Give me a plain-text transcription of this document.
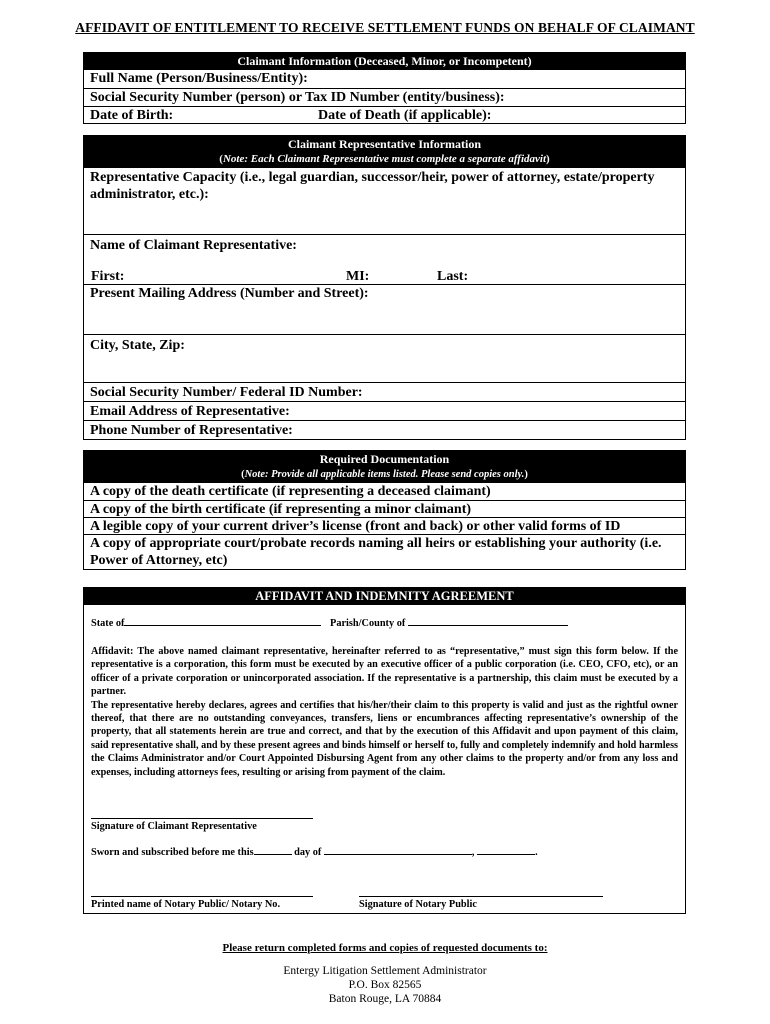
AFFIDAVIT OF ENTITLEMENT TO RECEIVE SETTLEMENT FUNDS ON BEHALF OF CLAIMANT
Claimant Information (Deceased, Minor, or Incompetent)
Full Name (Person/Business/Entity):
Social Security Number (person) or Tax ID Number (entity/business):
Date of Birth:	Date of Death (if applicable):
Claimant Representative Information
(Note: Each Claimant Representative must complete a separate affidavit)
Representative Capacity (i.e., legal guardian, successor/heir, power of attorney, estate/property administrator, etc.):
Name of Claimant Representative:
First:	MI:	Last:
Present Mailing Address (Number and Street):
City, State, Zip:
Social Security Number/ Federal ID Number:
Email Address of Representative:
Phone Number of Representative:
Required Documentation
(Note: Provide all applicable items listed. Please send copies only.)
A copy of the death certificate (if representing a deceased claimant)
A copy of the birth certificate (if representing a minor claimant)
A legible copy of your current driver’s license (front and back) or other valid forms of ID
A copy of appropriate court/probate records naming all heirs or establishing your authority (i.e. Power of Attorney, etc)
AFFIDAVIT AND INDEMNITY AGREEMENT
State of	Parish/County of

Affidavit: The above named claimant representative, hereinafter referred to as “representative,” must sign this form below. If the representative is a corporation, this form must be executed by an executive officer of a public corporation (i.e. CEO, CFO, etc), or an officer of a private corporation or unincorporated association. If the representative is a partnership, this claim must be executed by a partner.

The representative hereby declares, agrees and certifies that his/her/their claim to this property is valid and just as the rightful owner thereof, that there are no outstanding conveyances, transfers, liens or encumbrances affecting representative’s ownership of the property, that all statements herein are true and correct, and that by the execution of this Affidavit and upon payment of this claim, said representative shall, and by these present agrees and binds himself or herself to, fully and completely indemnify and hold harmless the Claims Administrator and/or Court Appointed Disbursing Agent from any other claims to the property and/or from any loss and expenses, including attorneys fees, resulting or arising from payment of the claim.

Signature of Claimant Representative
Sworn and subscribed before me this	day of	,	.
Printed name of Notary Public/ Notary No.	Signature of Notary Public
Please return completed forms and copies of requested documents to:
Entergy Litigation Settlement Administrator
P.O. Box 82565
Baton Rouge, LA 70884
